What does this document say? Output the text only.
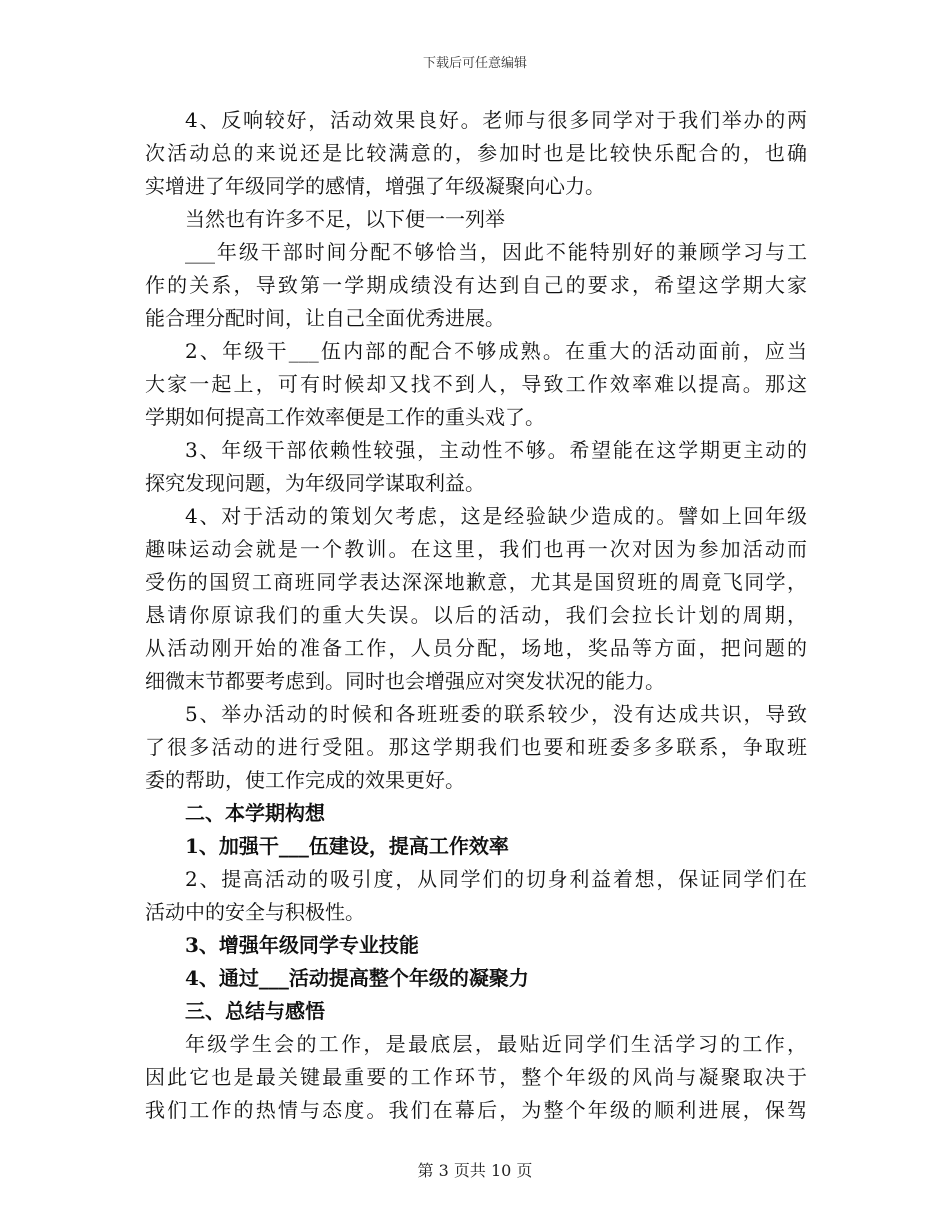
下载后可任意编辑
4、反响较好，活动效果良好。老师与很多同学对于我们举办的两
次活动总的来说还是比较满意的，参加时也是比较快乐配合的，也确
实增进了年级同学的感情，增强了年级凝聚向心力。
当然也有许多不足，以下便一一列举
___年级干部时间分配不够恰当，因此不能特别好的兼顾学习与工
作的关系，导致第一学期成绩没有达到自己的要求，希望这学期大家
能合理分配时间，让自己全面优秀进展。
2、年级干___伍内部的配合不够成熟。在重大的活动面前，应当
大家一起上，可有时候却又找不到人，导致工作效率难以提高。那这
学期如何提高工作效率便是工作的重头戏了。
3、年级干部依赖性较强，主动性不够。希望能在这学期更主动的
探究发现问题，为年级同学谋取利益。
4、对于活动的策划欠考虑，这是经验缺少造成的。譬如上回年级
趣味运动会就是一个教训。在这里，我们也再一次对因为参加活动而
受伤的国贸工商班同学表达深深地歉意，尤其是国贸班的周竟飞同学，
恳请你原谅我们的重大失误。以后的活动，我们会拉长计划的周期，
从活动刚开始的准备工作，人员分配，场地，奖品等方面，把问题的
细微末节都要考虑到。同时也会增强应对突发状况的能力。
5、举办活动的时候和各班班委的联系较少，没有达成共识，导致
了很多活动的进行受阻。那这学期我们也要和班委多多联系，争取班
委的帮助，使工作完成的效果更好。
二、本学期构想
1、加强干___伍建设，提高工作效率
2、提高活动的吸引度，从同学们的切身利益着想，保证同学们在
活动中的安全与积极性。
3、增强年级同学专业技能
4、通过___活动提高整个年级的凝聚力
三、总结与感悟
年级学生会的工作，是最底层，最贴近同学们生活学习的工作，
因此它也是最关键最重要的工作环节，整个年级的风尚与凝聚取决于
我们工作的热情与态度。我们在幕后，为整个年级的顺利进展，保驾
第 3 页共 10 页
